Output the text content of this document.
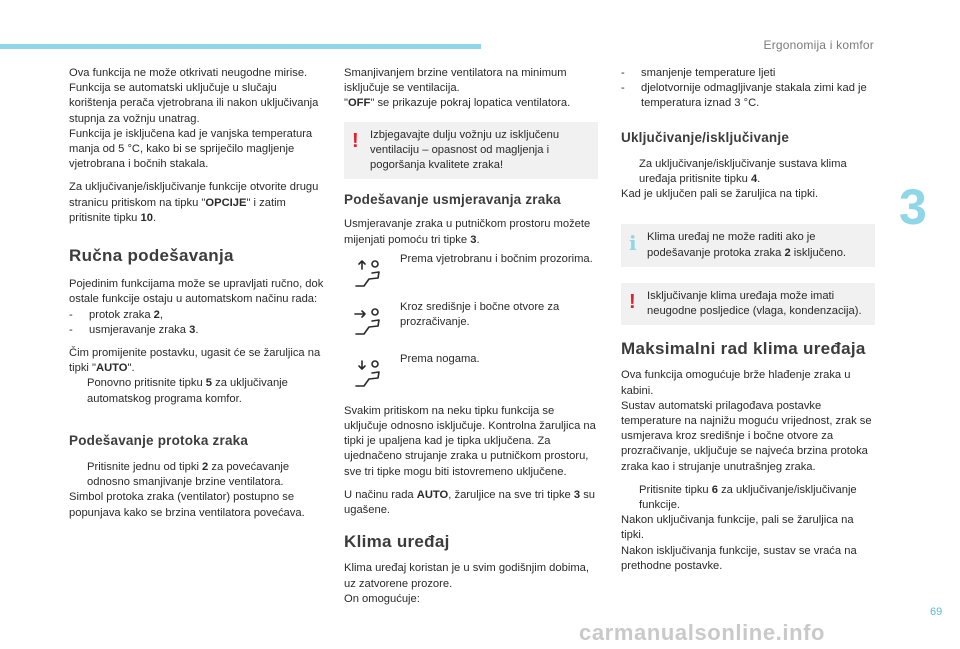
Ergonomija i komfor
3

Ova funkcija ne može otkrivati neugodne mirise.
Funkcija se automatski uključuje u slučaju korištenja perača vjetrobrana ili nakon uključivanja stupnja za vožnju unatrag.
Funkcija je isključena kad je vanjska temperatura manja od 5 °C, kako bi se spriječilo magljenje vjetrobrana i bočnih stakala.

Za uključivanje/isključivanje funkcije otvorite drugu stranicu pritiskom na tipku "OPCIJE" i zatim pritisnite tipku 10.

Ručna podešavanja

Pojedinim funkcijama može se upravljati ručno, dok ostale funkcije ostaju u automatskom načinu rada:

- protok zraka 2,
- usmjeravanje zraka 3.

Čim promijenite postavku, ugasit će se žaruljica na tipki "AUTO".

Ponovno pritisnite tipku 5 za uključivanje automatskog programa komfor.
Podešavanje protoka zraka
Pritisnite jednu od tipki 2 za povećavanje odnosno smanjivanje brzine ventilatora.

Simbol protoka zraka (ventilator) postupno se popunjava kako se brzina ventilatora povećava.

Smanjivanjem brzine ventilatora na minimum isključuje se ventilacija.

"OFF" se prikazuje pokraj lopatica ventilatora.

! Izbjegavajte dulju vožnju uz isključenu ventilaciju – opasnost od magljenja i pogoršanja kvalitete zraka!
Podešavanje usmjeravanja zraka

Usmjeravanje zraka u putničkom prostoru možete mijenjati pomoću tri tipke 3.

Prema vjetrobranu i bočnim prozorima.
Kroz središnje i bočne otvore za prozračivanje.
Prema nogama.

Svakim pritiskom na neku tipku funkcija se uključuje odnosno isključuje. Kontrolna žaruljica na tipki je upaljena kad je tipka uključena. Za ujednačeno strujanje zraka u putničkom prostoru, sve tri tipke mogu biti istovremeno uključene.

U načinu rada AUTO, žaruljice na sve tri tipke 3 su ugašene.

Klima uređaj

Klima uređaj koristan je u svim godišnjim dobima, uz zatvorene prozore.

On omogućuje:

- smanjenje temperature ljeti
- djelotvornije odmagljivanje stakala zimi kad je temperatura iznad 3 °C.
Uključivanje/isključivanje
Za uključivanje/isključivanje sustava klima uređaja pritisnite tipku 4.

Kad je uključen pali se žaruljica na tipki.

i Klima uređaj ne može raditi ako je podešavanje protoka zraka 2 isključeno.
! Isključivanje klima uređaja može imati neugodne posljedice (vlaga, kondenzacija).
Maksimalni rad klima uređaja

Ova funkcija omogućuje brže hlađenje zraka u kabini.

Sustav automatski prilagođava postavke temperature na najnižu moguću vrijednost, zrak se usmjerava kroz središnje i bočne otvore za prozračivanje, uključuje se najveća brzina protoka zraka kao i strujanje unutrašnjeg zraka.

Pritisnite tipku 6 za uključivanje/isključivanje funkcije.

Nakon uključivanja funkcije, pali se žaruljica na tipki.

Nakon isključivanja funkcije, sustav se vraća na prethodne postavke.

69
carmanualsonline.info
